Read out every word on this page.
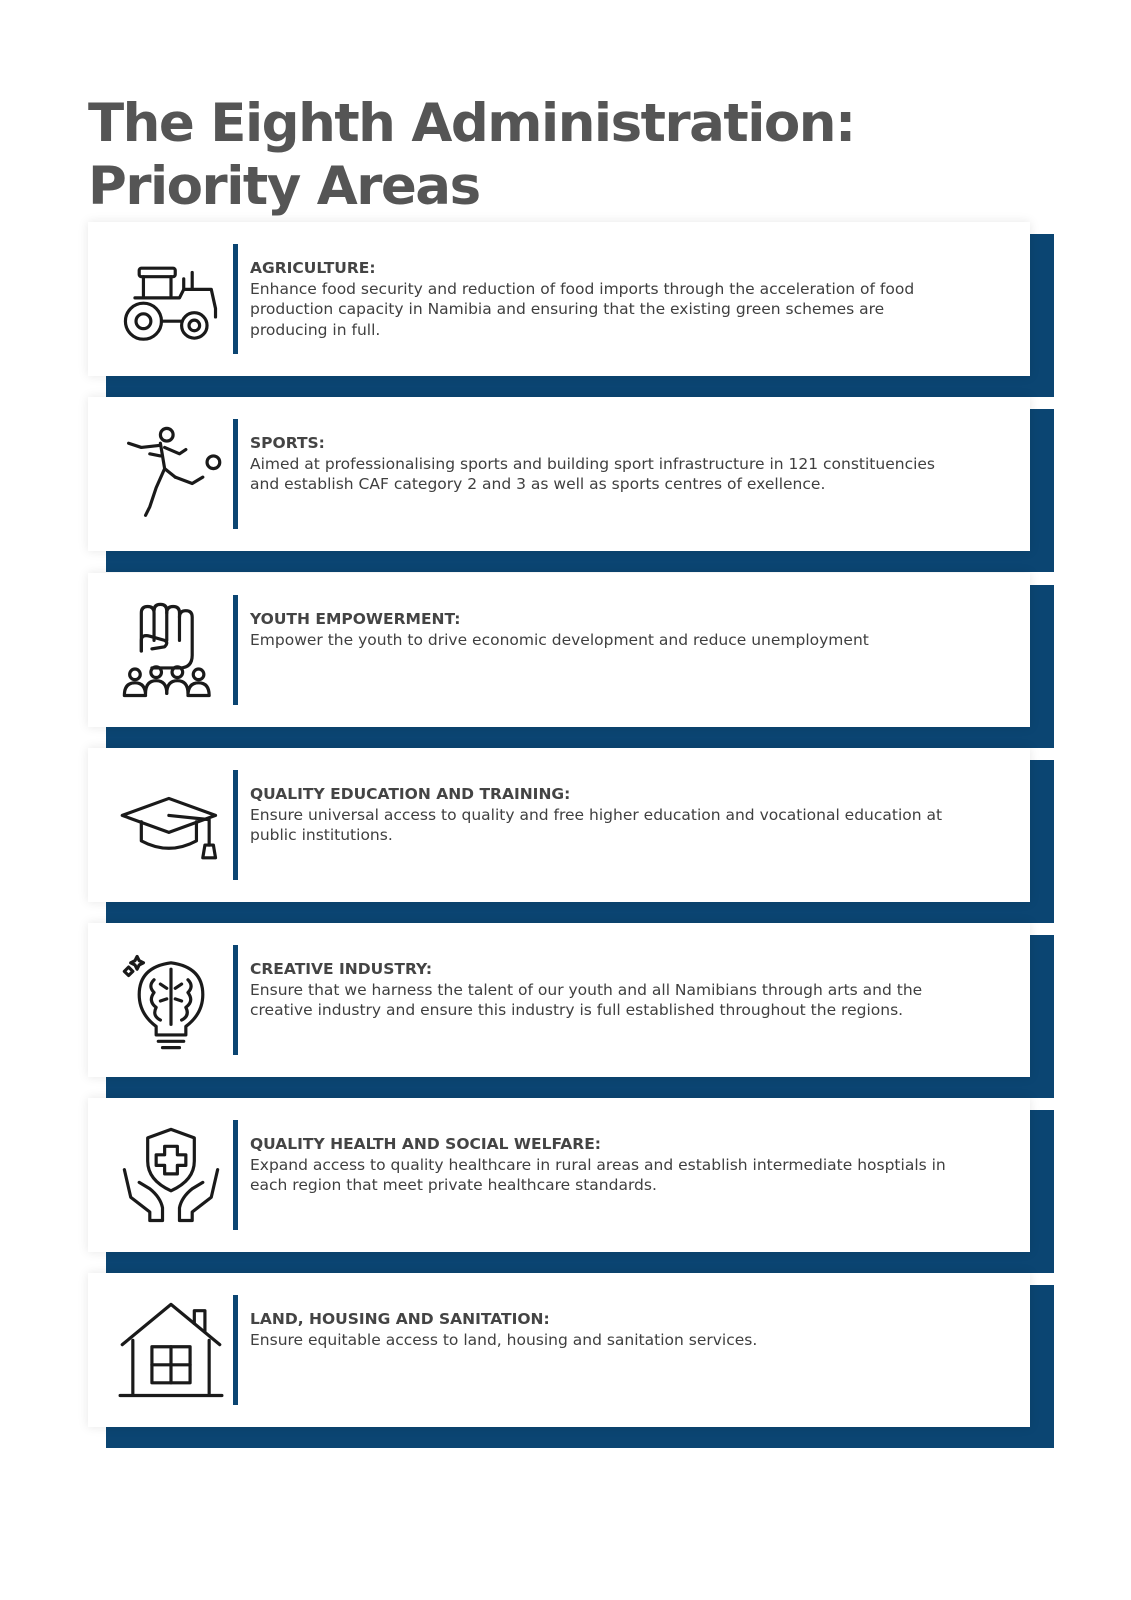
The Eighth Administration:
Priority Areas
AGRICULTURE:
Enhance food security and reduction of food imports through the acceleration of food production capacity in Namibia and ensuring that the existing green schemes are producing in full.
SPORTS:
Aimed at professionalising sports and building sport infrastructure in 121 constituencies and establish CAF category 2 and 3 as well as sports centres of exellence.
YOUTH EMPOWERMENT:
Empower the youth to drive economic development and reduce unemployment
QUALITY EDUCATION AND TRAINING:
Ensure universal access to quality and free higher education and vocational education at public institutions.
CREATIVE INDUSTRY:
Ensure that we harness the talent of our youth and all Namibians through arts and the creative industry and ensure this industry is full established throughout the regions.
QUALITY HEALTH AND SOCIAL WELFARE:
Expand access to quality healthcare in rural areas and establish intermediate hosptials in each region that meet private healthcare standards.
LAND, HOUSING AND SANITATION:
Ensure equitable access to land, housing and sanitation services.
